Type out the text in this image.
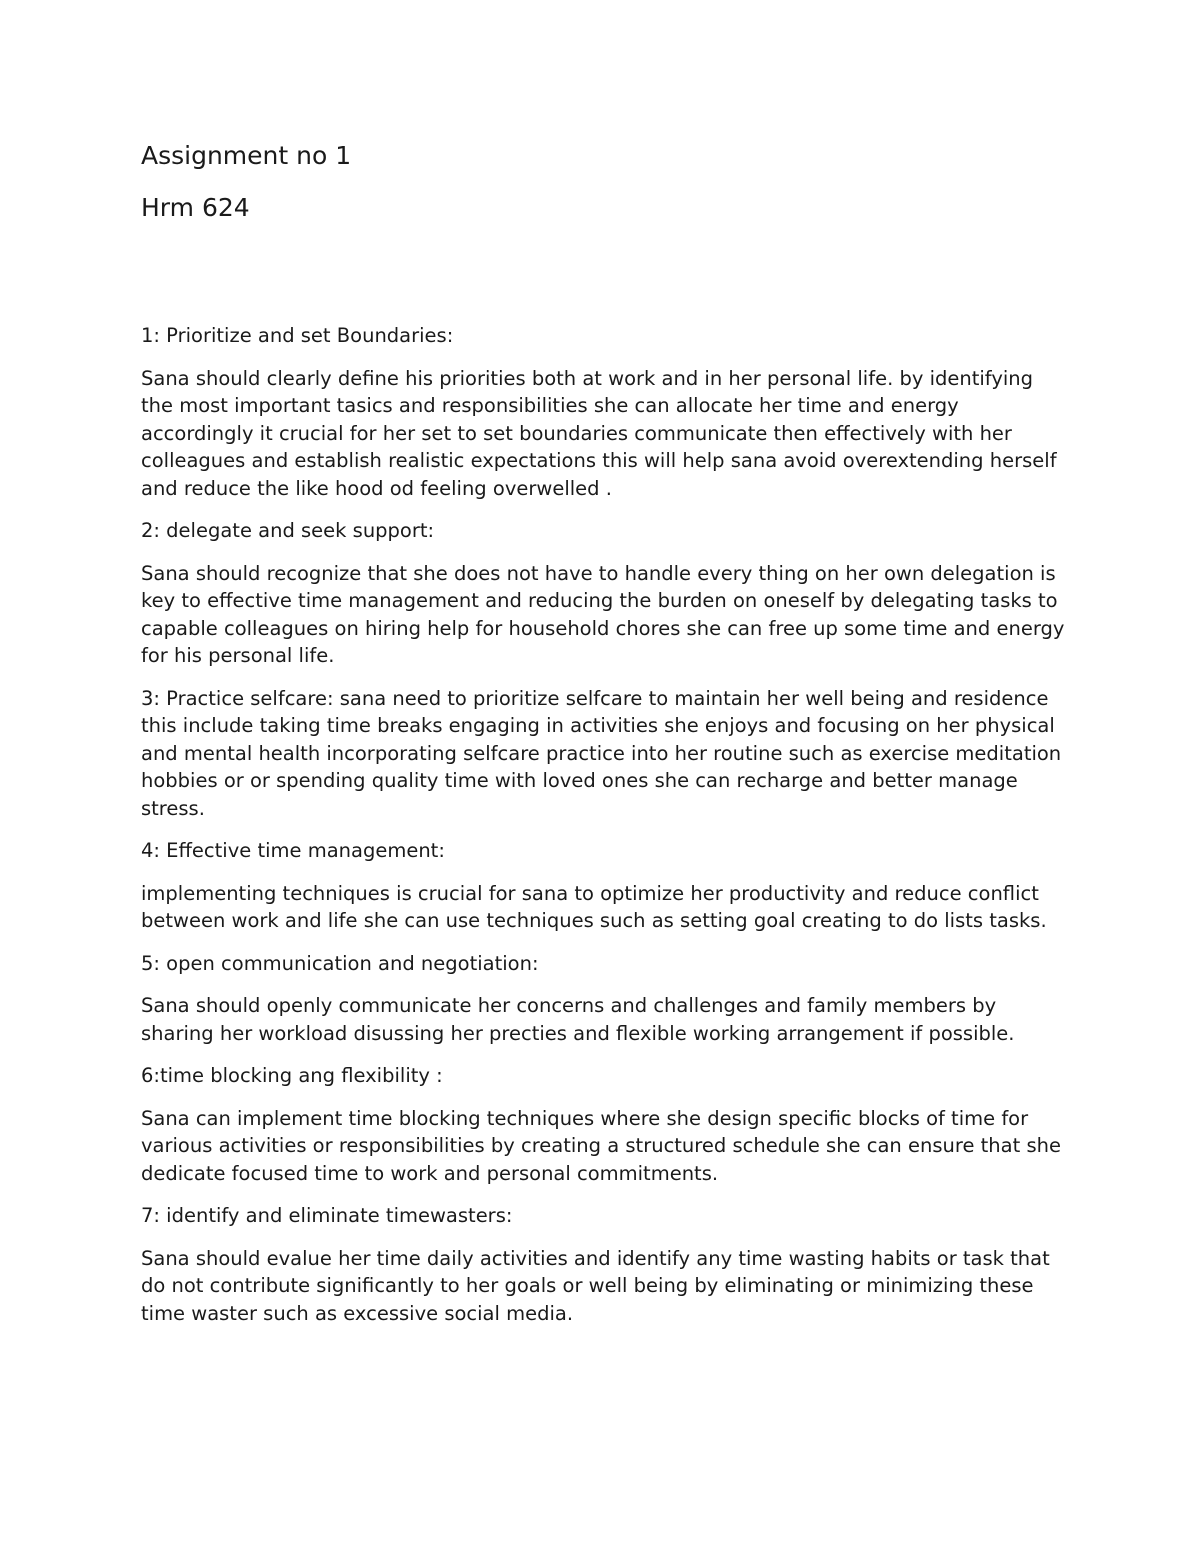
Assignment no 1
Hrm 624

1: Prioritize and set Boundaries:

Sana should clearly define his priorities both at work and in her personal life. by identifying the most important tasics and responsibilities she can allocate her time and energy accordingly it crucial for her set to set boundaries communicate then effectively with her colleagues and establish realistic expectations this will help sana avoid overextending herself and reduce the like hood od feeling overwelled .

2: delegate and seek support:

Sana should recognize that she does not have to handle every thing on her own delegation is key to effective time management and reducing the burden on oneself by delegating tasks to capable colleagues on hiring help for household chores she can free up some time and energy for his personal life.

3: Practice selfcare: sana need to prioritize selfcare to maintain her well being and residence this include taking time breaks engaging in activities she enjoys and focusing on her physical and mental health incorporating selfcare practice into her routine such as exercise meditation hobbies or or spending quality time with loved ones she can recharge and better manage stress.

4: Effective time management:

implementing techniques is crucial for sana to optimize her productivity and reduce conflict between work and life she can use techniques such as setting goal creating to do lists tasks.

5: open communication and negotiation:

Sana should openly communicate her concerns and challenges and family members by sharing her workload disussing her precties and flexible working arrangement if possible.

6:time blocking ang flexibility :

Sana can implement time blocking techniques where she design specific blocks of time for various activities or responsibilities by creating a structured schedule she can ensure that she dedicate focused time to work and personal commitments.

7: identify and eliminate timewasters:

Sana should evalue her time daily activities and identify any time wasting habits or task that do not contribute significantly to her goals or well being by eliminating or minimizing these time waster such as excessive social media.
